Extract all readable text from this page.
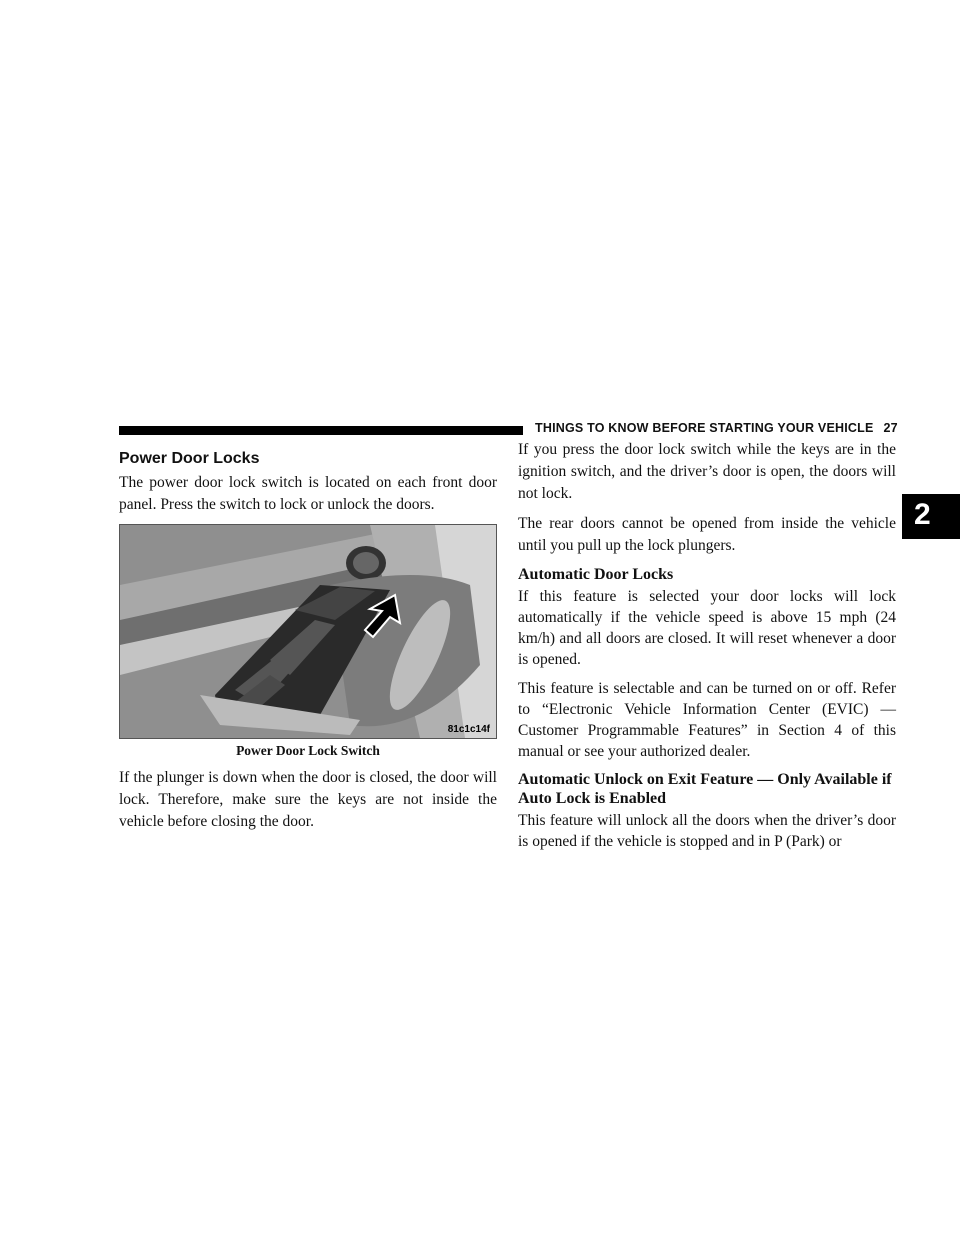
THINGS TO KNOW BEFORE STARTING YOUR VEHICLE 27
2
Power Door Locks

The power door lock switch is located on each front door panel. Press the switch to lock or unlock the doors.

81c1c14f
Power Door Lock Switch

If the plunger is down when the door is closed, the door will lock. Therefore, make sure the keys are not inside the vehicle before closing the door.

If you press the door lock switch while the keys are in the ignition switch, and the driver’s door is open, the doors will not lock.

The rear doors cannot be opened from inside the vehicle until you pull up the lock plungers.

Automatic Door Locks

If this feature is selected your door locks will lock automatically if the vehicle speed is above 15 mph (24 km/h) and all doors are closed. It will reset whenever a door is opened.

This feature is selectable and can be turned on or off. Refer to “Electronic Vehicle Information Center (EVIC) — Customer Programmable Features” in Section 4 of this manual or see your authorized dealer.

Automatic Unlock on Exit Feature — Only Available if Auto Lock is Enabled

This feature will unlock all the doors when the driver’s door is opened if the vehicle is stopped and in P (Park) or
